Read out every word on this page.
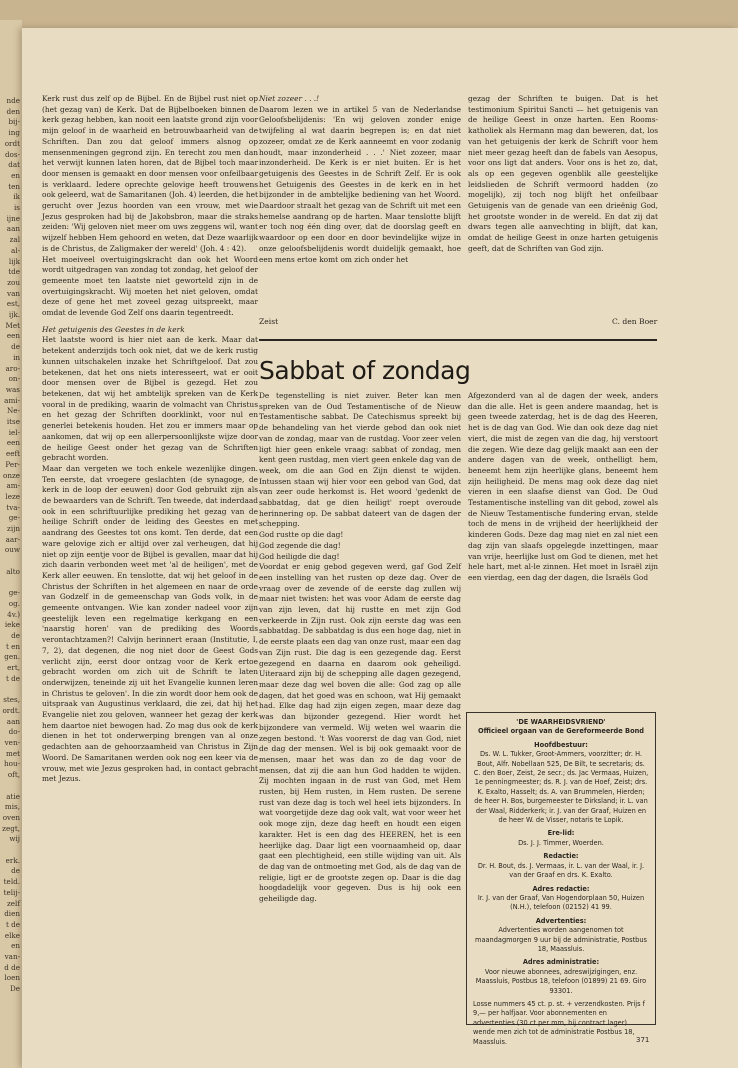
nde
den
bij-
ing
ordt
dos-
dat
en
ten
ik
is
ijne
aan
zal
al-
lijk
tde
zou
van
est,
ijk.
Met
een
de
in
aro-
on-
was
ami-
Ne-
itse
iel-
een
eeft
Per-
onze
am-
leze
tva-
ge-
zijn
aar-
ouw
alto
ge-
og.
4v.)
ieke
de
t en
gen.
ert,
t de
stes,
ordt.
aan
do-
ven-
met
hou-
oft,
atie
mis,
oven
zegt,
wij
erk.
de
teld.
telij-
zelf
dien
t de
elke
en
van-
d de
loen
De

Kerk rust dus zelf op de Bijbel. En de Bijbel rust niet op (het gezag van) de Kerk. Dat de Bijbelboeken binnen de kerk gezag hebben, kan nooit een laatste grond zijn voor mijn geloof in de waarheid en betrouwbaarheid van de Schriften. Dan zou dat geloof immers alsnog op mensenmeningen gegrond zijn. En terecht zou men dan het verwijt kunnen laten horen, dat de Bijbel toch maar door mensen is gemaakt en door mensen voor onfeilbaar is verklaard. Iedere oprechte gelovige heeft trouwens ook geleerd, wat de Samaritanen (Joh. 4) leerden, die het gerucht over Jezus hoorden van een vrouw, met wie Jezus gesproken had bij de Jakobsbron, maar die straks zeiden: 'Wij geloven niet meer om uws zeggens wil, want wijzelf hebben Hem gehoord en weten, dat Deze waarlijk is de Christus, de Zaligmaker der wereld' (Joh. 4 : 42).

Het moeiveel overtuigingskracht dan ook het Woord wordt uitgedragen van zondag tot zondag, het geloof der gemeente moet ten laatste niet geworteld zijn in de overtuigingskracht. Wij moeten het niet geloven, omdat deze of gene het met zoveel gezag uitspreekt, maar omdat de levende God Zelf ons daarin tegentreedt.

Het getuigenis des Geestes in de kerk

Het laatste woord is hier niet aan de kerk. Maar dat betekent anderzijds toch ook niet, dat we de kerk rustig kunnen uitschakelen inzake het Schriftgeloof. Dat zou betekenen, dat het ons niets interesseert, wat er ooit door mensen over de Bijbel is gezegd. Het zou betekenen, dat wij het ambtelijk spreken van de Kerk vooral in de prediking, waarin de volmacht van Christus en het gezag der Schriften doorklinkt, voor nul en generlei betekenis houden. Het zou er immers maar op aankomen, dat wij op een allerpersoonlijkste wijze door de heilige Geest onder het gezag van de Schriften gebracht worden.

Maar dan vergeten we toch enkele wezenlijke dingen. Ten eerste, dat vroegere geslachten (de synagoge, de kerk in de loop der eeuwen) door God gebruikt zijn als de bewaarders van de Schrift. Ten tweede, dat inderdaad ook in een schriftuurlijke prediking het gezag van de heilige Schrift onder de leiding des Geestes en met aandrang des Geestes tot ons komt. Ten derde, dat een ware gelovige zich er altijd over zal verheugen, dat hij niet op zijn eentje voor de Bijbel is gevallen, maar dat hij zich daarin verbonden weet met 'al de heiligen', met de Kerk aller eeuwen. En tenslotte, dat wij het geloof in de Christus der Schriften in het algemeen en naar de orde van Godzelf in de gemeenschap van Gods volk, in de gemeente ontvangen. Wie kan zonder nadeel voor zijn geestelijk leven een regelmatige kerkgang en een 'naarstig horen' van de prediking des Woords verontachtzamen?! Calvijn herinnert eraan (Institutie, I, 7, 2), dat degenen, die nog niet door de Geest Gods verlicht zijn, eerst door ontzag voor de Kerk ertoe gebracht worden om zich uit de Schrift te laten onderwijzen, teneinde zij uit het Evangelie kunnen leren in Christus te geloven'. In die zin wordt door hem ook de uitspraak van Augustinus verklaard, die zei, dat hij het Evangelie niet zou geloven, wanneer het gezag der kerk hem daartoe niet bewogen had. Zo mag dus ook de kerk dienen in het tot onderwerping brengen van al onze gedachten aan de gehoorzaamheid van Christus in Zijn Woord. De Samaritanen werden ook nog een keer via de vrouw, met wie Jezus gesproken had, in contact gebracht met Jezus.

Niet zozeer . . .!

Daarom lezen we in artikel 5 van de Nederlandse Geloofsbelijdenis: 'En wij geloven zonder enige twijfeling al wat daarin begrepen is; en dat niet zozeer, omdat ze de Kerk aanneemt en voor zodanig houdt, maar inzonderheid . . .' Niet zozeer, maar inzonderheid. De Kerk is er niet buiten. Er is het getuigenis des Geestes in de Schrift Zelf. Er is ook het Getuigenis des Geestes in de kerk en in het bijzonder in de ambtelijke bediening van het Woord. Daardoor straalt het gezag van de Schrift uit met een hemelse aandrang op de harten. Maar tenslotte blijft er toch nog één ding over, dat de doorslag geeft en waardoor op een door en door bevindelijke wijze in onze geloofsbelijdenis wordt duidelijk gemaakt, hoe een mens ertoe komt om zich onder het

gezag der Schriften te buigen. Dat is het testimonium Spiritui Sancti — het getuigenis van de heilige Geest in onze harten. Een Rooms-katholiek als Hermann mag dan beweren, dat, los van het getuigenis der kerk de Schrift voor hem niet meer gezag heeft dan de fabels van Aesopus, voor ons ligt dat anders. Voor ons is het zo, dat, als op een gegeven ogenblik alle geestelijke leidslieden de Schrift vermoord hadden (zo mogelijk), zij toch nog blijft het onfeilbaar Getuigenis van de genade van een drieënig God, het grootste wonder in de wereld. En dat zij dat dwars tegen alle aanvechting in blijft, dat kan, omdat de heilige Geest in onze harten getuigenis geeft, dat de Schriften van God zijn.

Zeist	C. den Boer
Sabbat of zondag

De tegenstelling is niet zuiver. Beter kan men spreken van de Oud Testamentische of de Nieuw Testamentische sabbat. De Catechismus spreekt bij de behandeling van het vierde gebod dan ook niet van de zondag, maar van de rustdag. Voor zeer velen ligt hier geen enkele vraag: sabbat of zondag, men kent geen rustdag, men viert geen enkele dag van de week, om die aan God en Zijn dienst te wijden. Intussen staan wij hier voor een gebod van God, dat van zeer oude herkomst is. Het woord 'gedenkt de sabbatdag, dat ge dien heiligt' roept overoude herinnering op. De sabbat dateert van de dagen der schepping.

God rustte op die dag!
God zegende die dag!
God heiligde die dag!

Voordat er enig gebod gegeven werd, gaf God Zelf een instelling van het rusten op deze dag. Over de vraag over de zevende of de eerste dag zullen wij maar niet twisten: het was voor Adam de eerste dag van zijn leven, dat hij rustte en met zijn God verkeerde in Zijn rust. Ook zijn eerste dag was een sabbatdag. De sabbatdag is dus een hoge dag, niet in de eerste plaats een dag van onze rust, maar een dag van Zijn rust. Die dag is een gezegende dag. Eerst gezegend en daarna en daarom ook geheiligd. Uiteraard zijn bij de schepping alle dagen gezegend, maar deze dag wel boven die alle: God zag op alle dagen, dat het goed was en schoon, wat Hij gemaakt had. Elke dag had zijn eigen zegen, maar deze dag was dan bijzonder gezegend. Hier wordt het bijzondere van vermeld. Wij weten wel waarin die zegen bestond. 't Was voorerst de dag van God, niet de dag der mensen. Wel is bij ook gemaakt voor de mensen, maar het was dan zo de dag voor de mensen, dat zij die aan hun God hadden te wijden. Zij mochten ingaan in de rust van God, met Hem rusten, bij Hem rusten, in Hem rusten. De serene rust van deze dag is toch wel heel iets bijzonders. In wat voorgetijde deze dag ook valt, wat voor weer het ook moge zijn, deze dag heeft en houdt een eigen karakter. Het is een dag des HEEREN, het is een heerlijke dag. Daar ligt een voornaamheid op, daar gaat een plechtigheid, een stille wijding van uit. Als de dag van de ontmoeting met God, als de dag van de religie, ligt er de grootste zegen op. Daar is die dag hoogdadelijk voor gegeven. Dus is hij ook een geheiligde dag.

Afgezonderd van al de dagen der week, anders dan die alle. Het is geen andere maandag, het is geen tweede zaterdag, het is de dag des Heeren, het is de dag van God. Wie dan ook deze dag niet viert, die mist de zegen van die dag, hij verstoort die zegen. Wie deze dag gelijk maakt aan een der andere dagen van de week, onthelligt hem, beneemt hem zijn heerlijke glans, beneemt hem zijn heiligheid. De mens mag ook deze dag niet vieren in een slaafse dienst van God. De Oud Testamentische instelling van dit gebod, zowel als de Nieuw Testamentische fundering ervan, stelde toch de mens in de vrijheid der heerlijkheid der kinderen Gods. Deze dag mag niet en zal niet een dag zijn van slaafs opgelegde inzettingen, maar van vrije, heerlijke lust om God te dienen, met het hele hart, met al-le zinnen. Het moet in Israël zijn een vierdag, een dag der dagen, die Israëls God

'DE WAARHEIDSVRIEND'
Officieel orgaan van de Gereformeerde Bond
Hoofdbestuur:
Ds. W. L. Tukker, Groot-Ammers, voorzitter; dr. H. Bout, Alfr. Nobellaan 525, De Bilt, te secretaris; ds. C. den Boer, Zeist, 2e secr.; ds. Jac Vermaas, Huizen, 1e penningmeester; ds. R. J. van de Hoef, Zeist; drs. K. Exalto, Hasselt; ds. A. van Brummelen, Hierden; de heer H. Bos, burgemeester te Dirksland; ir. L. van der Waal, Ridderkerk; ir. J. van der Graaf, Huizen en de heer W. de Visser, notaris te Lopik.
Ere-lid:
Ds. J. J. Timmer, Woerden.
Redactie:
Dr. H. Bout, ds. J. Vermaas, ir. L. van der Waal, ir. J. van der Graaf en drs. K. Exalto.
Adres redactie:
Ir. J. van der Graaf, Van Hogendorplaan 50, Huizen (N.H.), telefoon (02152) 41 99.
Advertenties:
Advertenties worden aangenomen tot maandagmorgen 9 uur bij de administratie, Postbus 18, Maassluis.
Adres administratie:
Voor nieuwe abonnees, adreswijzigingen, enz. Maassluis, Postbus 18, telefoon (01899) 21 69. Giro 93301.
Losse nummers 45 ct. p. st. + verzendkosten. Prijs f 9,— per halfjaar. Voor abonnementen en advertenties (30 ct per mm, bij contract lager) wende men zich tot de administratie Postbus 18, Maassluis.	371
